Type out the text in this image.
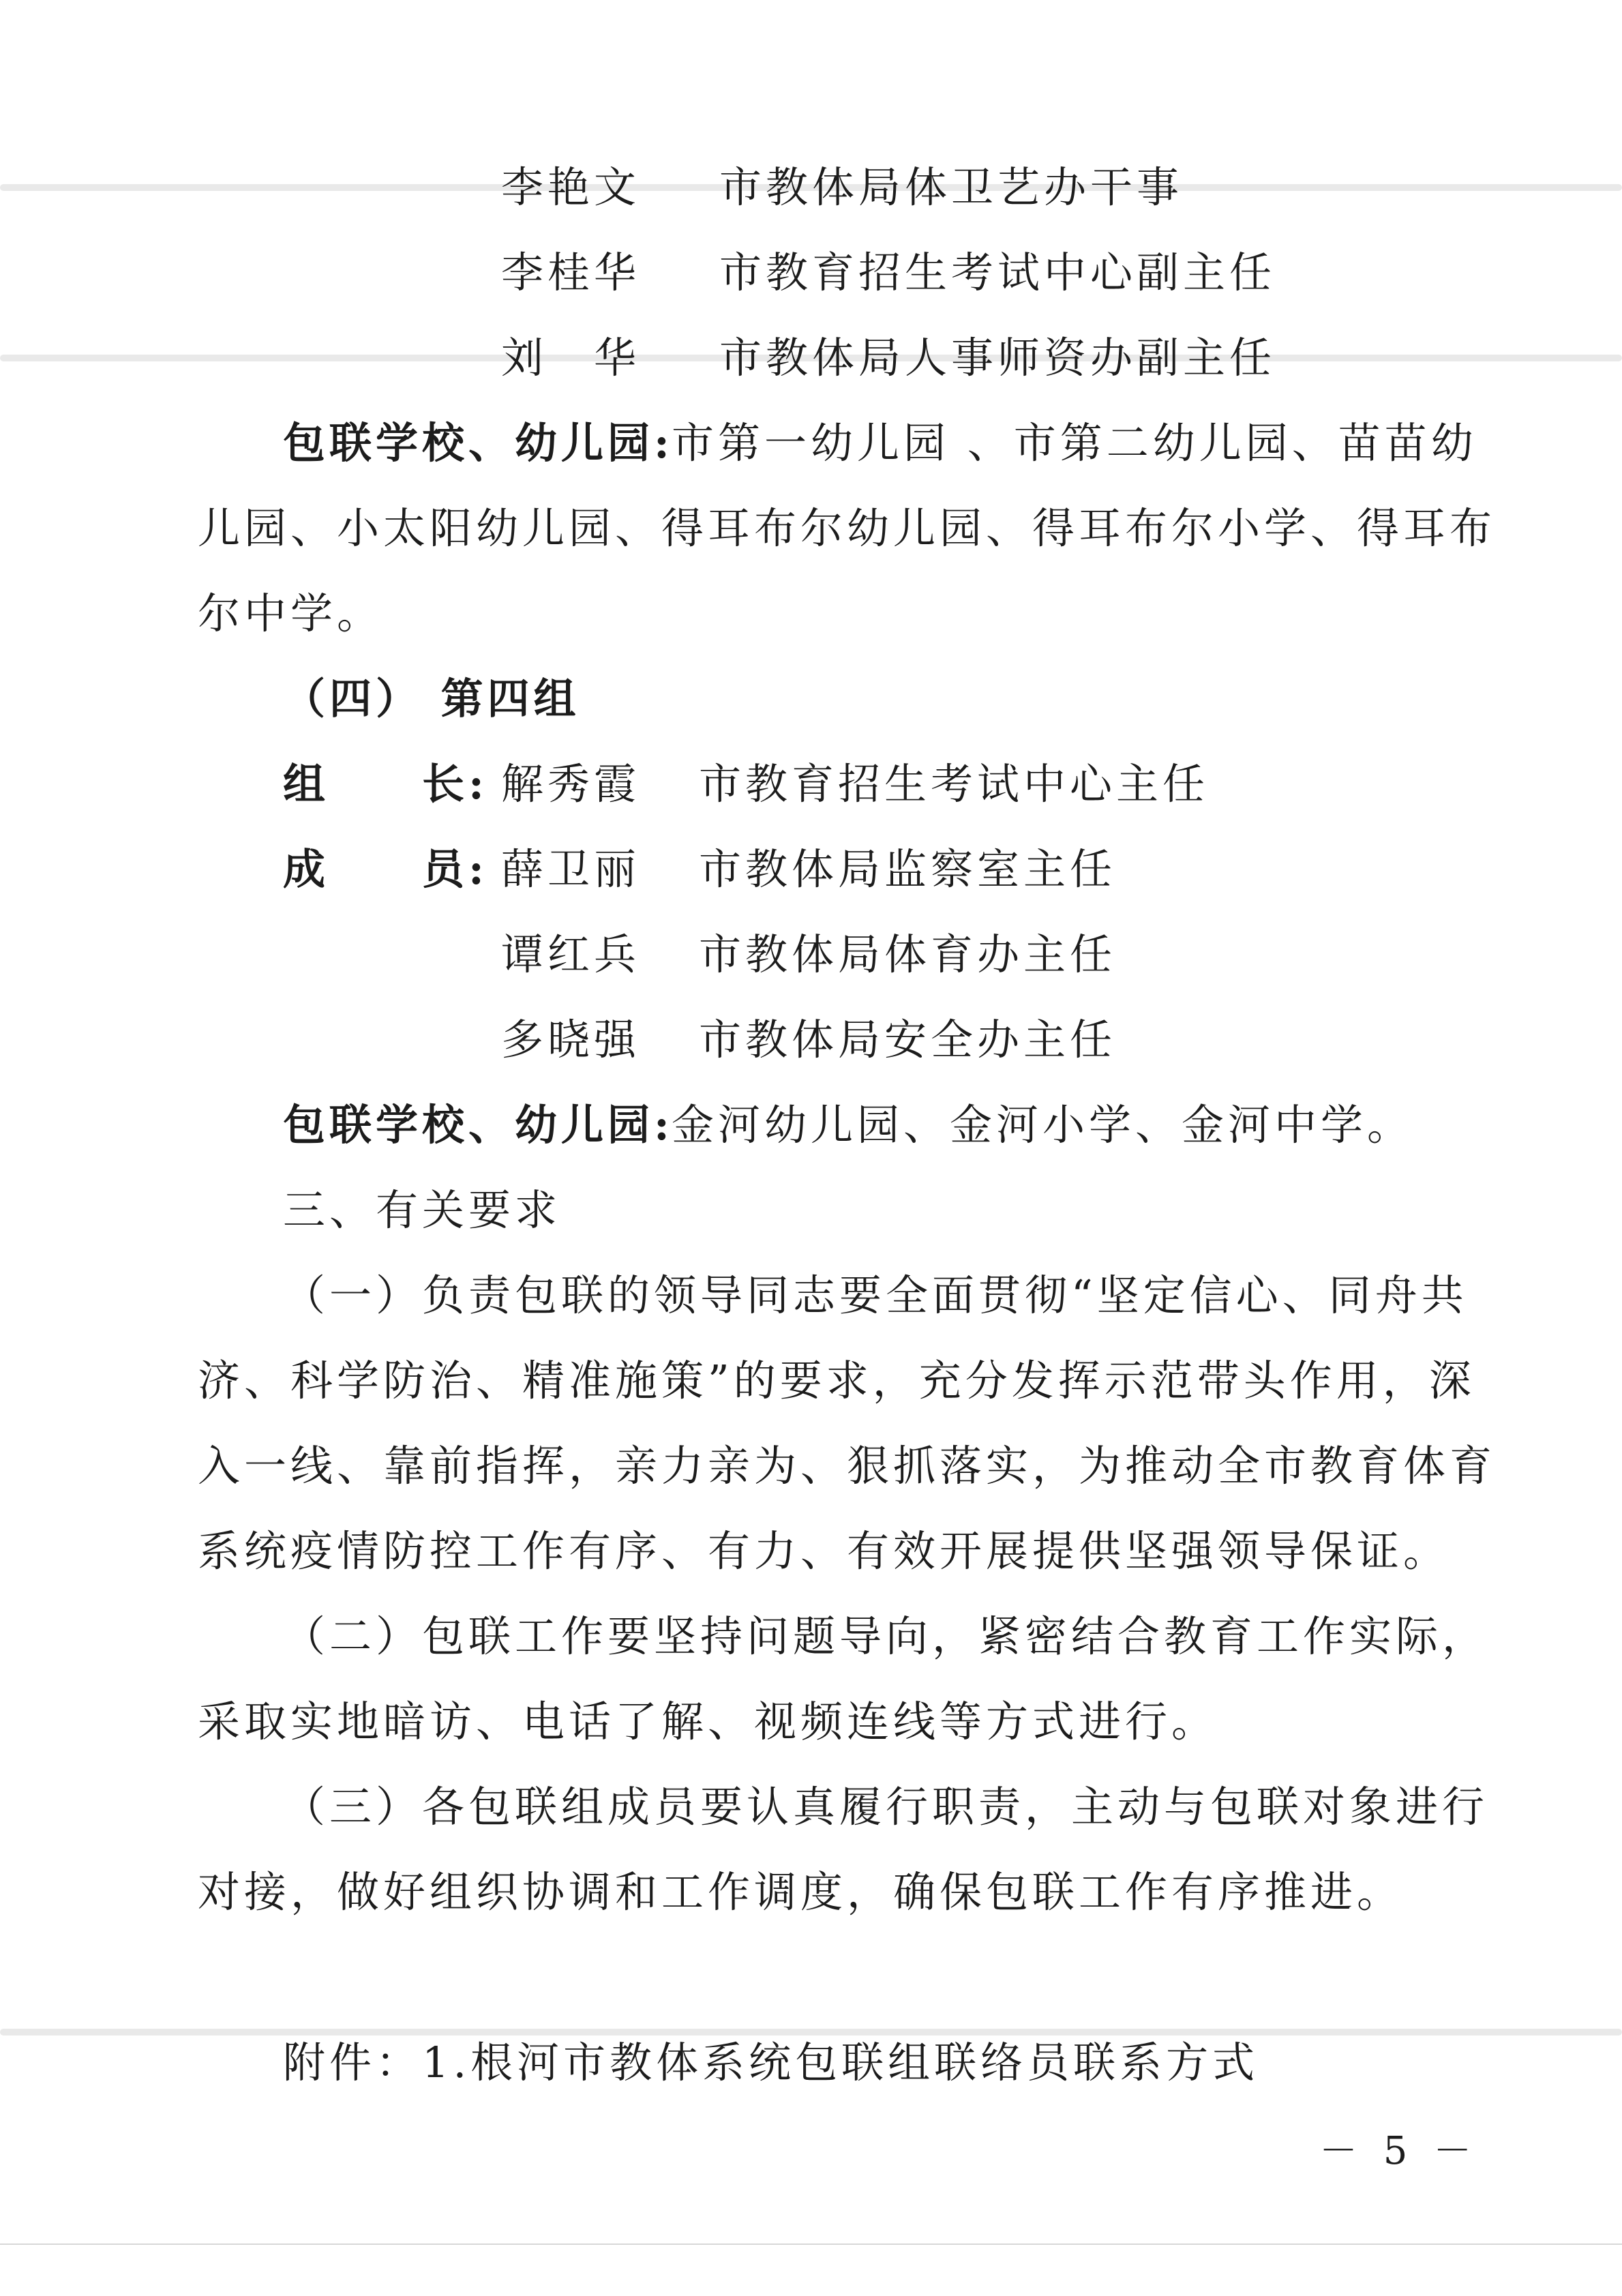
李艳文 市教体局体卫艺办干事
李桂华 市教育招生考试中心副主任
刘　华 市教体局人事师资办副主任
包联学校、幼儿园:
市第一幼儿园 、市第二幼儿园、苗苗幼
儿园、小太阳幼儿园、得耳布尔幼儿园、得耳布尔小学、得耳布
尔中学。
（四） 第四组
组　　长: 解秀霞 市教育招生考试中心主任
成　　员: 薛卫丽 市教体局监察室主任
谭红兵 市教体局体育办主任
多晓强 市教体局安全办主任
包联学校、幼儿园:
金河幼儿园、金河小学、金河中学。
三、有关要求
（一）负责包联的领导同志要全面贯彻“坚定信心、同舟共
济、科学防治、精准施策”的要求，充分发挥示范带头作用，深
入一线、靠前指挥，亲力亲为、狠抓落实，为推动全市教育体育
系统疫情防控工作有序、有力、有效开展提供坚强领导保证。
（二）包联工作要坚持问题导向，紧密结合教育工作实际，
采取实地暗访、电话了解、视频连线等方式进行。
（三）各包联组成员要认真履行职责，主动与包联对象进行
对接，做好组织协调和工作调度，确保包联工作有序推进。
附件：1.根河市教体系统包联组联络员联系方式
－ 5 －
